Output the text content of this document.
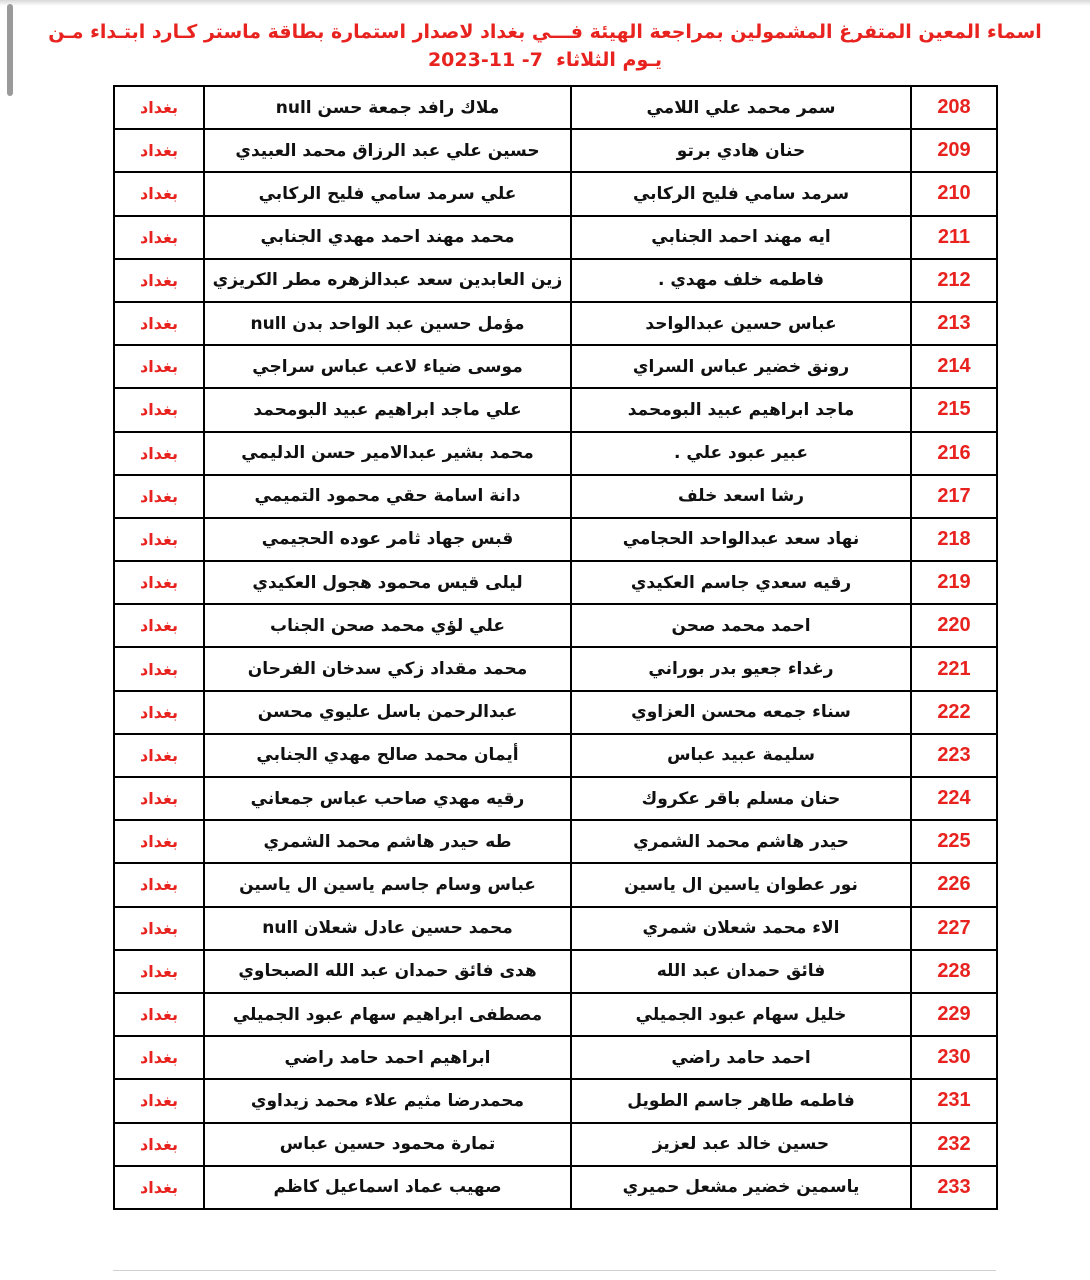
اسماء المعين المتفرغ المشمولين بمراجعة الهيئة فـــي بغداد لاصدار استمارة بطاقة ماستر كـارد ابتـداء مـن
يـوم الثلاثاء  2023-11 -7
208	سمر محمد علي اللامي	ملاك رافد جمعة حسن null	بغداد
209	حنان هادي برتو	حسين علي عبد الرزاق محمد العبيدي	بغداد
210	سرمد سامي فليح الركابي	علي سرمد سامي فليح الركابي	بغداد
211	ايه مهند احمد الجنابي	محمد مهند احمد مهدي الجنابي	بغداد
212	فاطمه خلف مهدي .	زين العابدين سعد عبدالزهره مطر الكريزي	بغداد
213	عباس حسين عبدالواحد	مؤمل حسين عبد الواحد بدن null	بغداد
214	رونق خضير عباس السراي	موسى ضياء لاعب عباس سراجي	بغداد
215	ماجد ابراهيم عبيد البومحمد	علي ماجد ابراهيم عبيد البومحمد	بغداد
216	عبير عبود علي .	محمد بشير عبدالامير حسن الدليمي	بغداد
217	رشا اسعد خلف	دانة اسامة حقي محمود التميمي	بغداد
218	نهاد سعد عبدالواحد الحجامي	قبس جهاد ثامر عوده الحجيمي	بغداد
219	رقيه سعدي جاسم العكيدي	ليلى قيس محمود هجول العكيدي	بغداد
220	احمد محمد صحن	علي لؤي محمد صحن الجناب	بغداد
221	رغداء جعيو بدر بوراني	محمد مقداد زكي سدخان الفرحان	بغداد
222	سناء جمعه محسن العزاوي	عبدالرحمن باسل عليوي محسن	بغداد
223	سليمة عبيد عباس	أيمان محمد صالح مهدي الجنابي	بغداد
224	حنان مسلم باقر عكروك	رقيه مهدي صاحب عباس جمعاني	بغداد
225	حيدر هاشم محمد الشمري	طه حيدر هاشم محمد الشمري	بغداد
226	نور عطوان ياسين ال ياسين	عباس وسام جاسم ياسين ال ياسين	بغداد
227	الاء محمد شعلان شمري	محمد حسين عادل شعلان null	بغداد
228	فائق حمدان عبد الله	هدى فائق حمدان عبد الله الصبحاوي	بغداد
229	خليل سهام عبود الجميلي	مصطفى ابراهيم سهام عبود الجميلي	بغداد
230	احمد حامد راضي	ابراهيم احمد حامد راضي	بغداد
231	فاطمه طاهر جاسم الطويل	محمدرضا مثيم علاء محمد زيداوي	بغداد
232	حسين خالد عبد لعزيز	تمارة محمود حسين عباس	بغداد
233	ياسمين خضير مشعل حميري	صهيب عماد اسماعيل كاظم	بغداد
